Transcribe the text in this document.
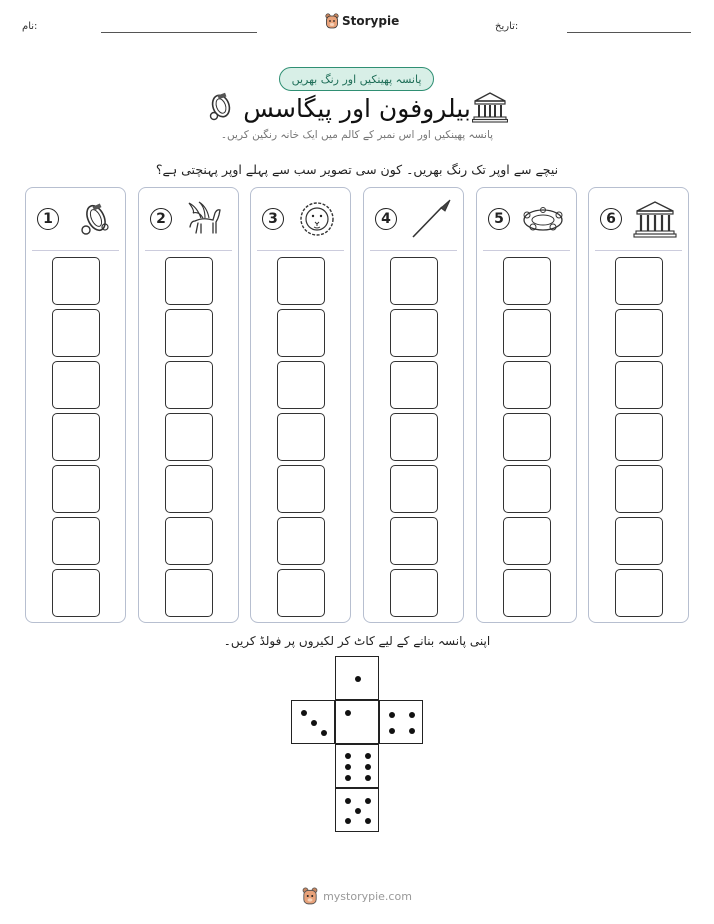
نام:	Storypie	تاریخ:
پانسہ پھینکیں اور رنگ بھریں
بیلروفون اور پیگاسس
پانسہ پھینکیں اور اس نمبر کے کالم میں ایک خانہ رنگین کریں۔
نیچے سے اوپر تک رنگ بھریں۔ کون سی تصویر سب سے پہلے اوپر پہنچتی ہے؟
1	2	3	4	5	6
اپنی پانسہ بنانے کے لیے کاٹ کر لکیروں پر فولڈ کریں۔
mystorypie.com
